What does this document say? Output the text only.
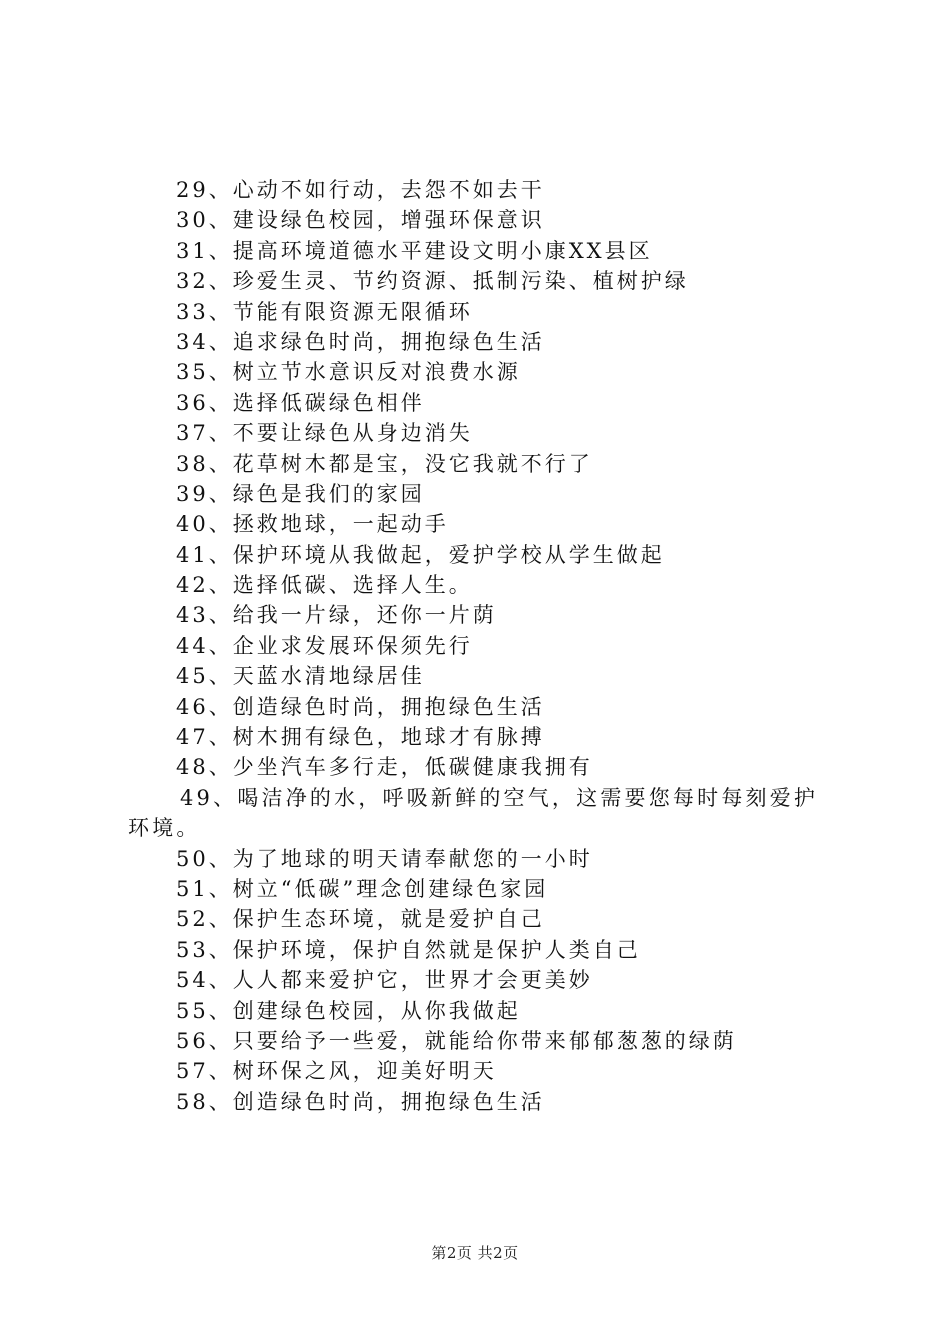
29、心动不如行动，去怨不如去干
30、建设绿色校园，增强环保意识
31、提高环境道德水平建设文明小康XX县区
32、珍爱生灵、节约资源、抵制污染、植树护绿
33、节能有限资源无限循环
34、追求绿色时尚，拥抱绿色生活
35、树立节水意识反对浪费水源
36、选择低碳绿色相伴
37、不要让绿色从身边消失
38、花草树木都是宝，没它我就不行了
39、绿色是我们的家园
40、拯救地球，一起动手
41、保护环境从我做起，爱护学校从学生做起
42、选择低碳、选择人生。
43、给我一片绿，还你一片荫
44、企业求发展环保须先行
45、天蓝水清地绿居佳
46、创造绿色时尚，拥抱绿色生活
47、树木拥有绿色，地球才有脉搏
48、少坐汽车多行走，低碳健康我拥有
49、喝洁净的水，呼吸新鲜的空气，这需要您每时每刻爱护环境。
50、为了地球的明天请奉献您的一小时
51、树立“低碳”理念创建绿色家园
52、保护生态环境，就是爱护自己
53、保护环境，保护自然就是保护人类自己
54、人人都来爱护它，世界才会更美妙
55、创建绿色校园，从你我做起
56、只要给予一些爱，就能给你带来郁郁葱葱的绿荫
57、树环保之风，迎美好明天
58、创造绿色时尚，拥抱绿色生活
第2页 共2页
